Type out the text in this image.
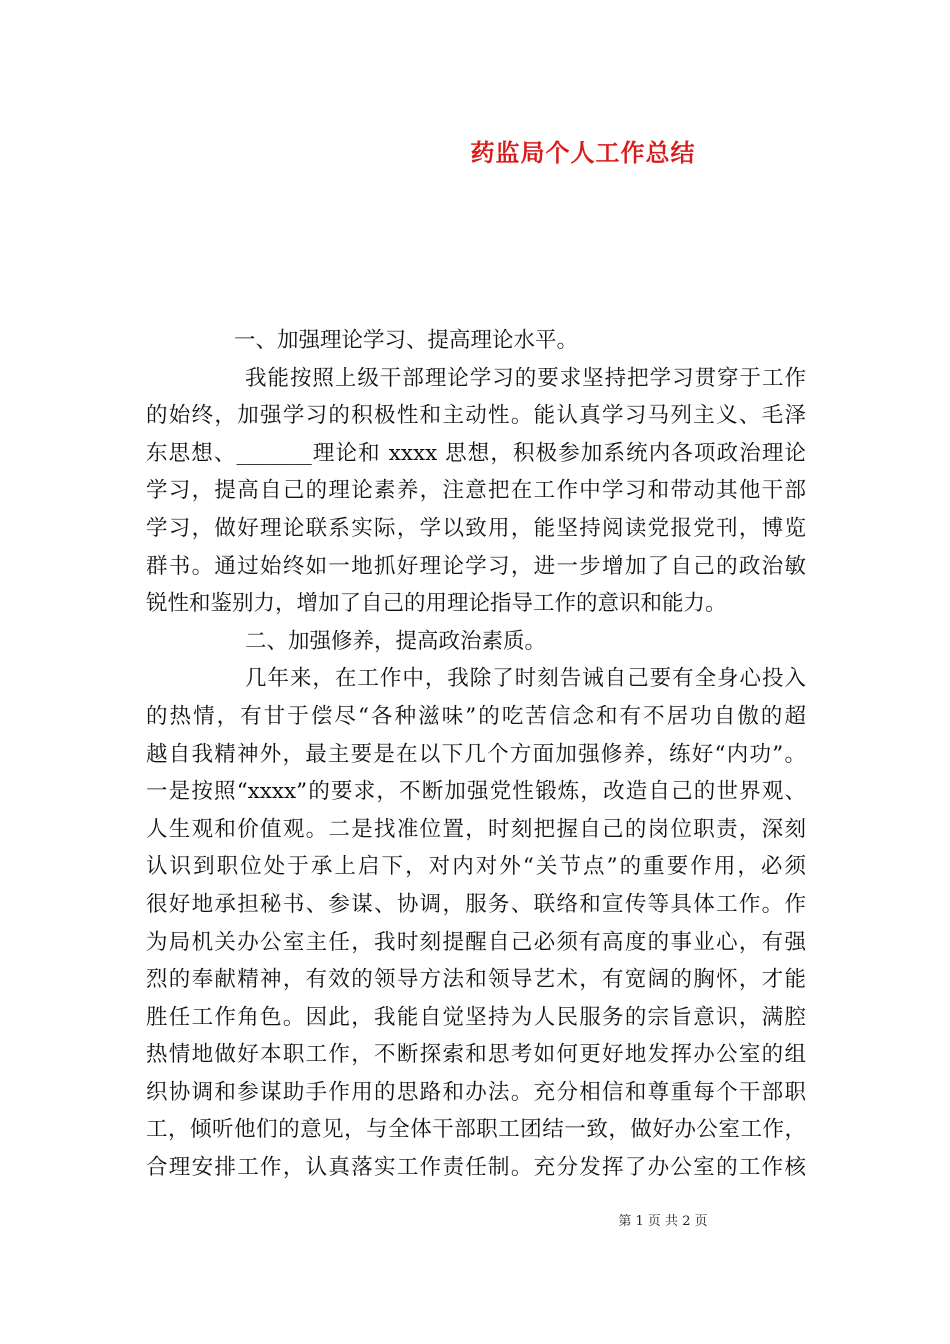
药监局个人工作总结
一、加强理论学习、提高理论水平。
我能按照上级干部理论学习的要求坚持把学习贯穿于工作
的始终，加强学习的积极性和主动性。能认真学习马列主义、毛泽
东思想、_______理论和 xxxx 思想，积极参加系统内各项政治理论
学习，提高自己的理论素养，注意把在工作中学习和带动其他干部
学习，做好理论联系实际，学以致用，能坚持阅读党报党刊，博览
群书。通过始终如一地抓好理论学习，进一步增加了自己的政治敏
锐性和鉴别力，增加了自己的用理论指导工作的意识和能力。
二、加强修养，提高政治素质。
几年来，在工作中，我除了时刻告诫自己要有全身心投入
的热情，有甘于偿尽“各种滋味”的吃苦信念和有不居功自傲的超
越自我精神外，最主要是在以下几个方面加强修养，练好“内功”。
一是按照“xxxx”的要求，不断加强党性锻炼，改造自己的世界观、
人生观和价值观。二是找准位置，时刻把握自己的岗位职责，深刻
认识到职位处于承上启下，对内对外“关节点”的重要作用，必须
很好地承担秘书、参谋、协调，服务、联络和宣传等具体工作。作
为局机关办公室主任，我时刻提醒自己必须有高度的事业心，有强
烈的奉献精神，有效的领导方法和领导艺术，有宽阔的胸怀，才能
胜任工作角色。因此，我能自觉坚持为人民服务的宗旨意识，满腔
热情地做好本职工作，不断探索和思考如何更好地发挥办公室的组
织协调和参谋助手作用的思路和办法。充分相信和尊重每个干部职
工，倾听他们的意见，与全体干部职工团结一致，做好办公室工作，
合理安排工作，认真落实工作责任制。充分发挥了办公室的工作核
第 1 页 共 2 页
